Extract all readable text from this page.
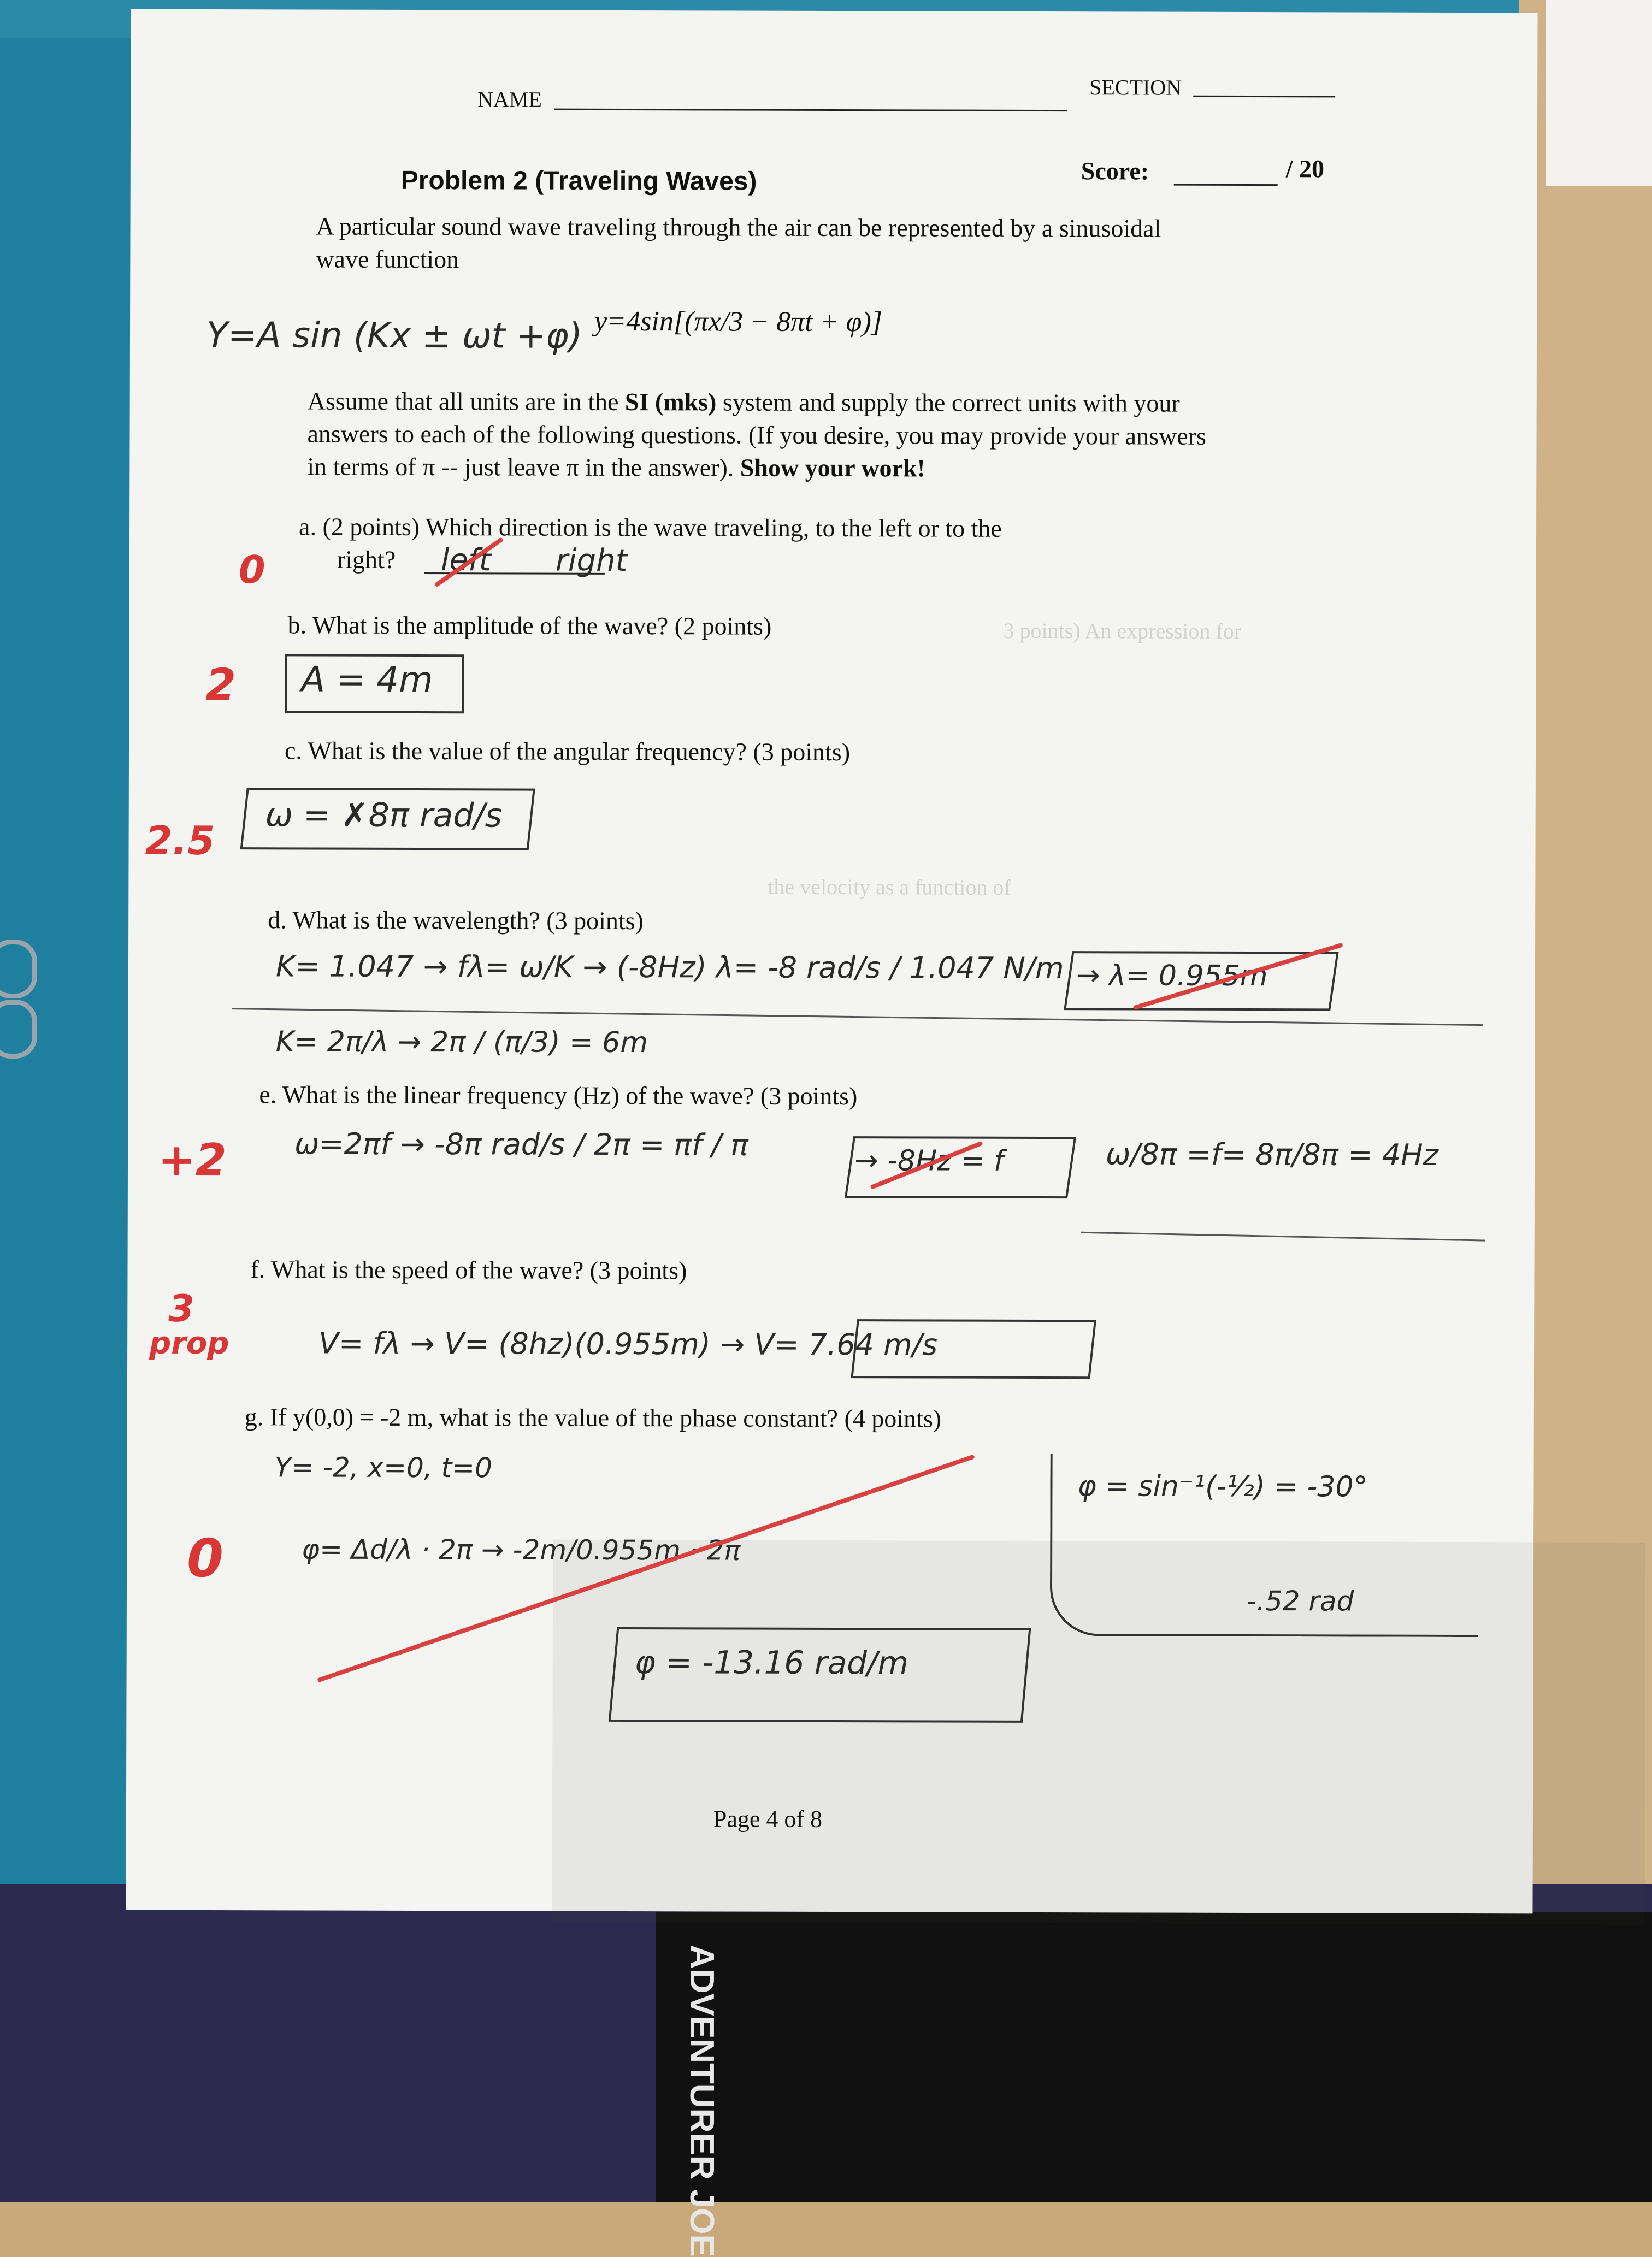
ADVENTURER JOE
NAME	SECTION
Problem 2 (Traveling Waves)	Score:	/ 20
A particular sound wave traveling through the air can be represented by a sinusoidal
wave function
y=4sin[(πx/3 − 8πt + φ)]
Y=A sin (Kx ± ωt +φ)
Assume that all units are in the SI (mks) system and supply the correct units with your
answers to each of the following questions. (If you desire, you may provide your answers
in terms of π -- just leave π in the answer). Show your work!
a. (2 points) Which direction is the wave traveling, to the left or to the
right? left right
0
b. What is the amplitude of the wave? (2 points)
A = 4m
2
c. What is the value of the angular frequency? (3 points)
ω = ✗8π rad/s
2.5
d. What is the wavelength? (3 points)
K= 1.047 → fλ= ω/K → (-8Hz) λ= -8 rad/s / 1.047 N/m → λ= 0.955m
K= 2π/λ → 2π / (π/3) = 6m
e. What is the linear frequency (Hz) of the wave? (3 points)
ω=2πf → -8π rad/s / 2π = πf / π	→ -8Hz = f	ω/8π =f= 8π/8π = 4Hz
+2
f. What is the speed of the wave? (3 points)
V= fλ → V= (8hz)(0.955m) → V= 7.64 m/s
3
prop
g. If y(0,0) = -2 m, what is the value of the phase constant? (4 points)
Y= -2, x=0, t=0
φ= Δd/λ · 2π → -2m/0.955m · 2π
φ = -13.16 rad/m
φ = sin⁻¹(-½) = -30°
-.52 rad
0
3 points) An expression for
the velocity as a function of
Page 4 of 8
